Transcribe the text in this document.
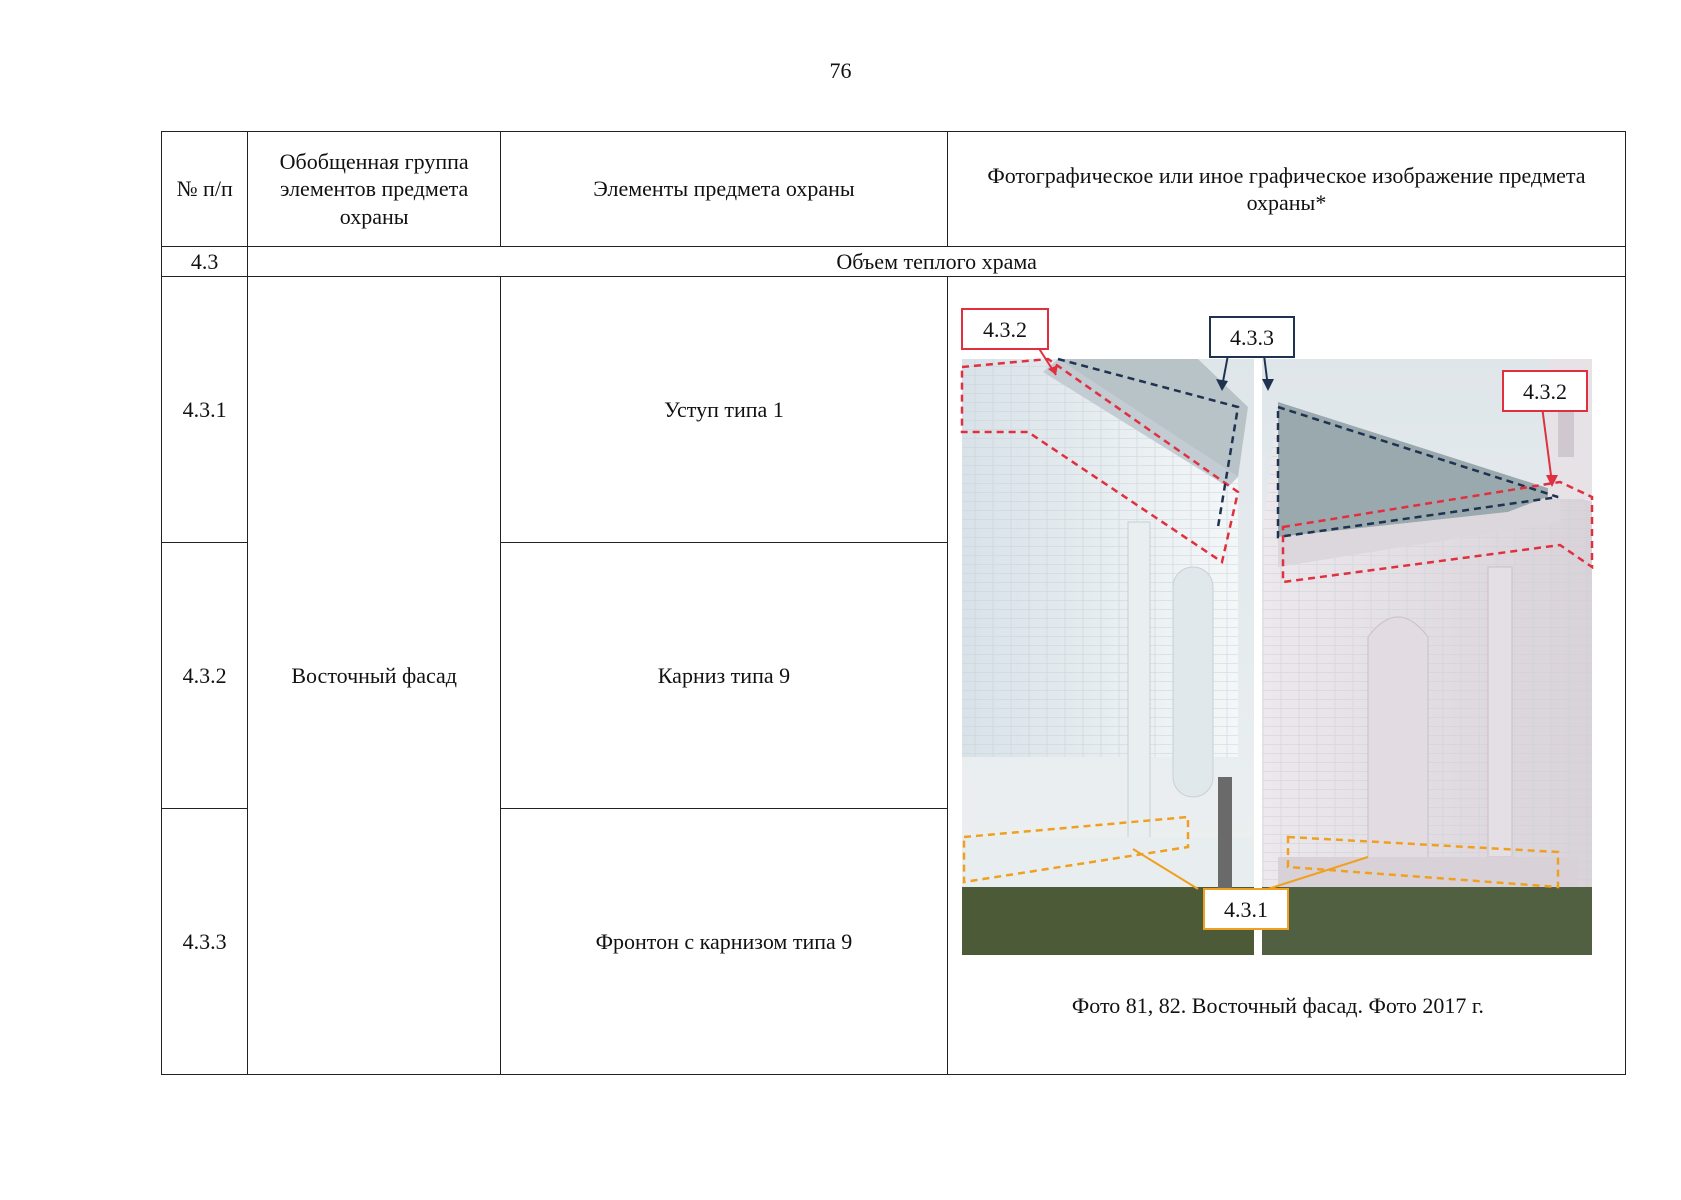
76
№ п/п	Обобщенная группа элементов предмета охраны	Элементы предмета охраны	Фотографическое или иное графическое изображение предмета охраны*
4.3	Объем теплого храма		
4.3.1	Восточный фасад	Уступ типа 1	4.3.2 4.3.3
4.3.2
4.3.1
Фото 81, 82. Восточный фасад. Фото 2017 г.

4.3.2		Карниз типа 9	
4.3.3		Фронтон с карнизом типа 9	
